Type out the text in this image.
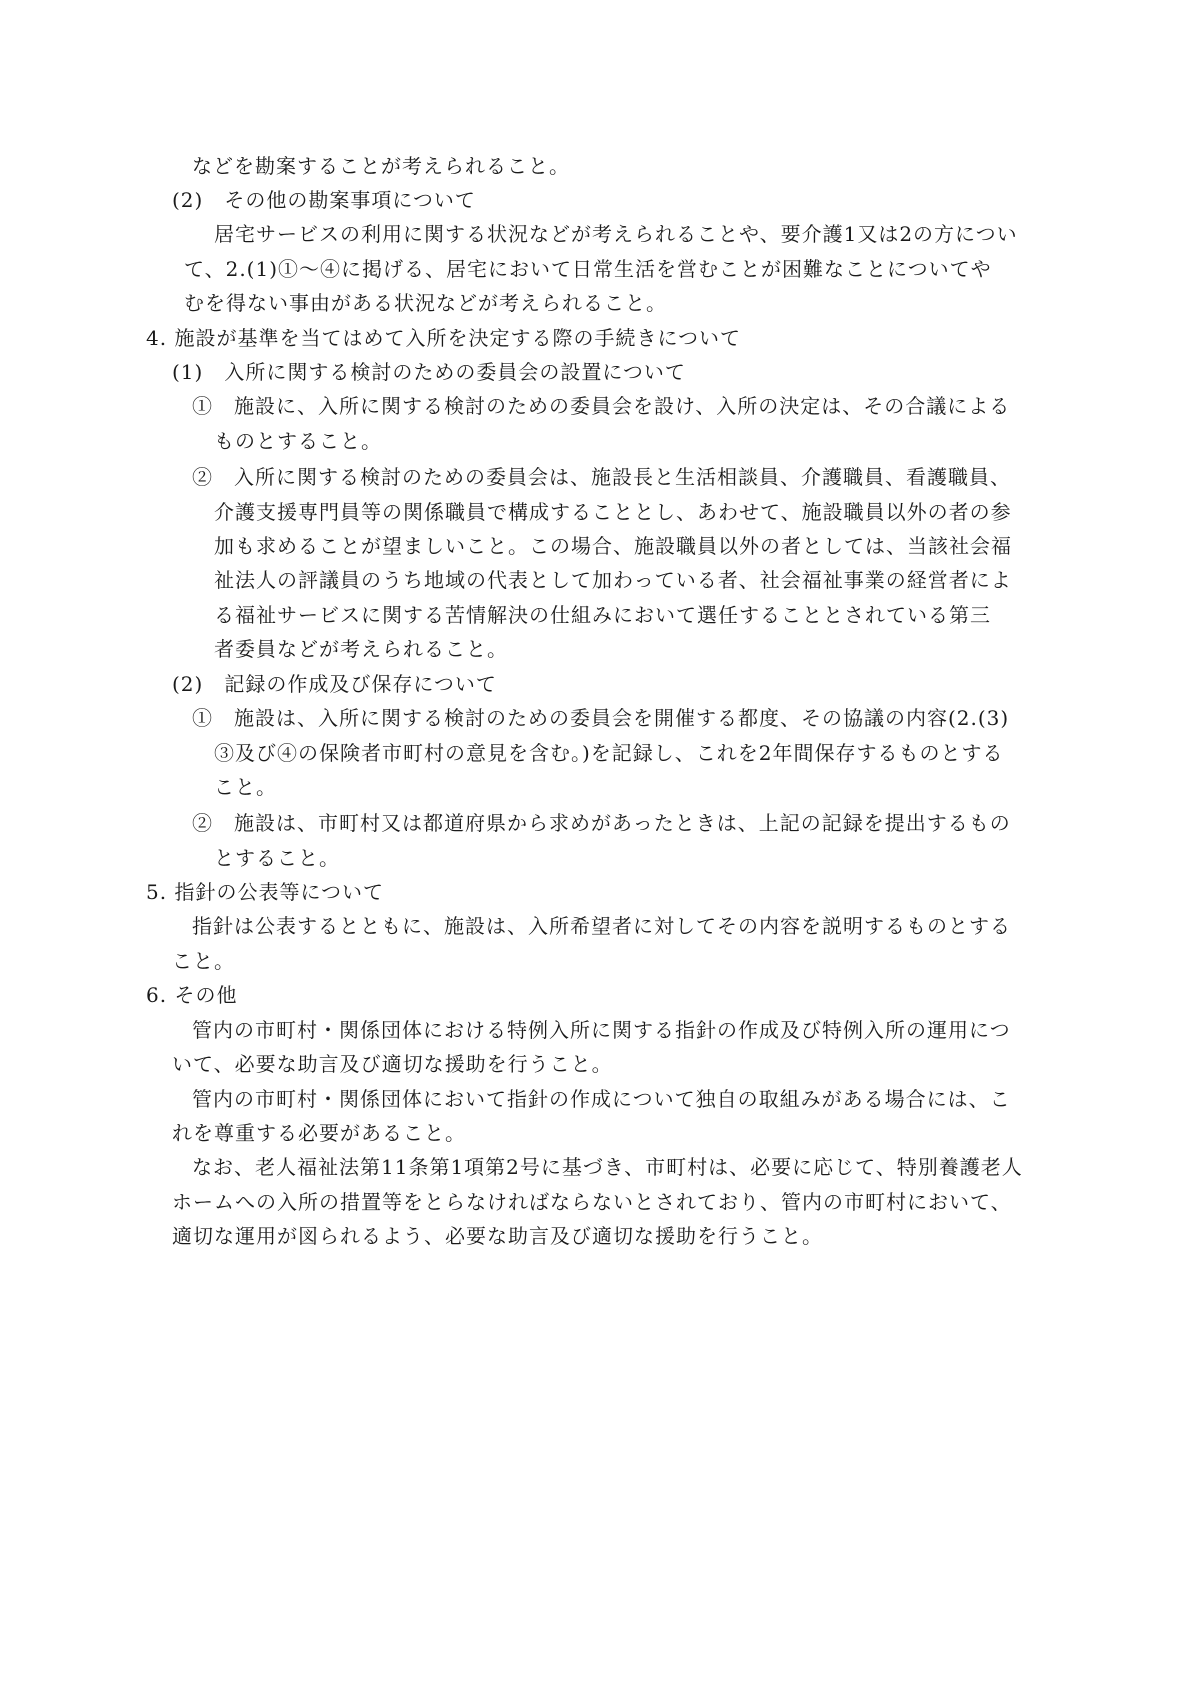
などを勘案することが考えられること。
(2)　その他の勘案事項について
居宅サービスの利用に関する状況などが考えられることや、要介護1又は2の方につい
て、2.(1)①～④に掲げる、居宅において日常生活を営むことが困難なことについてや
むを得ない事由がある状況などが考えられること。
4. 施設が基準を当てはめて入所を決定する際の手続きについて
(1)　入所に関する検討のための委員会の設置について
①　施設に、入所に関する検討のための委員会を設け、入所の決定は、その合議による
ものとすること。
②　入所に関する検討のための委員会は、施設長と生活相談員、介護職員、看護職員、
介護支援専門員等の関係職員で構成することとし、あわせて、施設職員以外の者の参
加も求めることが望ましいこと。この場合、施設職員以外の者としては、当該社会福
祉法人の評議員のうち地域の代表として加わっている者、社会福祉事業の経営者によ
る福祉サービスに関する苦情解決の仕組みにおいて選任することとされている第三
者委員などが考えられること。
(2)　記録の作成及び保存について
①　施設は、入所に関する検討のための委員会を開催する都度、その協議の内容(2.(3)
③及び④の保険者市町村の意見を含む。)を記録し、これを2年間保存するものとする
こと。
②　施設は、市町村又は都道府県から求めがあったときは、上記の記録を提出するもの
とすること。
5. 指針の公表等について
指針は公表するとともに、施設は、入所希望者に対してその内容を説明するものとする
こと。
6. その他
管内の市町村・関係団体における特例入所に関する指針の作成及び特例入所の運用につ
いて、必要な助言及び適切な援助を行うこと。
管内の市町村・関係団体において指針の作成について独自の取組みがある場合には、こ
れを尊重する必要があること。
なお、老人福祉法第11条第1項第2号に基づき、市町村は、必要に応じて、特別養護老人
ホームへの入所の措置等をとらなければならないとされており、管内の市町村において、
適切な運用が図られるよう、必要な助言及び適切な援助を行うこと。
